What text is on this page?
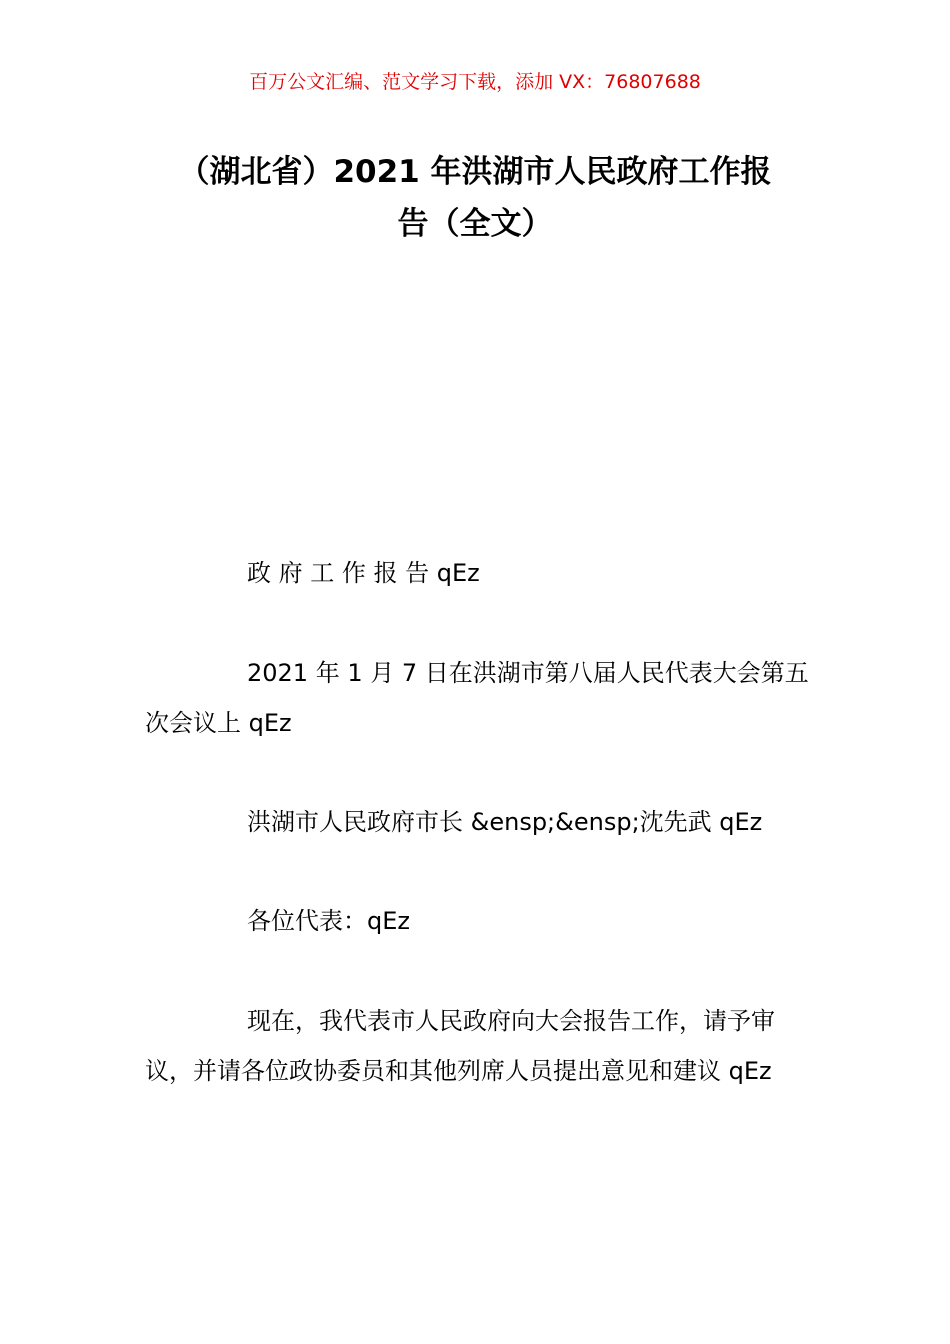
百万公文汇编、范文学习下载，添加 VX：76807688
（湖北省）2021 年洪湖市人民政府工作报
告（全文）

政 府 工 作 报 告 qEz

2021 年 1 月 7 日在洪湖市第八届人民代表大会第五次会议上 qEz

洪湖市人民政府市长 &ensp;&ensp;沈先武 qEz

各位代表：qEz

现在，我代表市人民政府向大会报告工作，请予审议，并请各位政协委员和其他列席人员提出意见和建议 qEz
